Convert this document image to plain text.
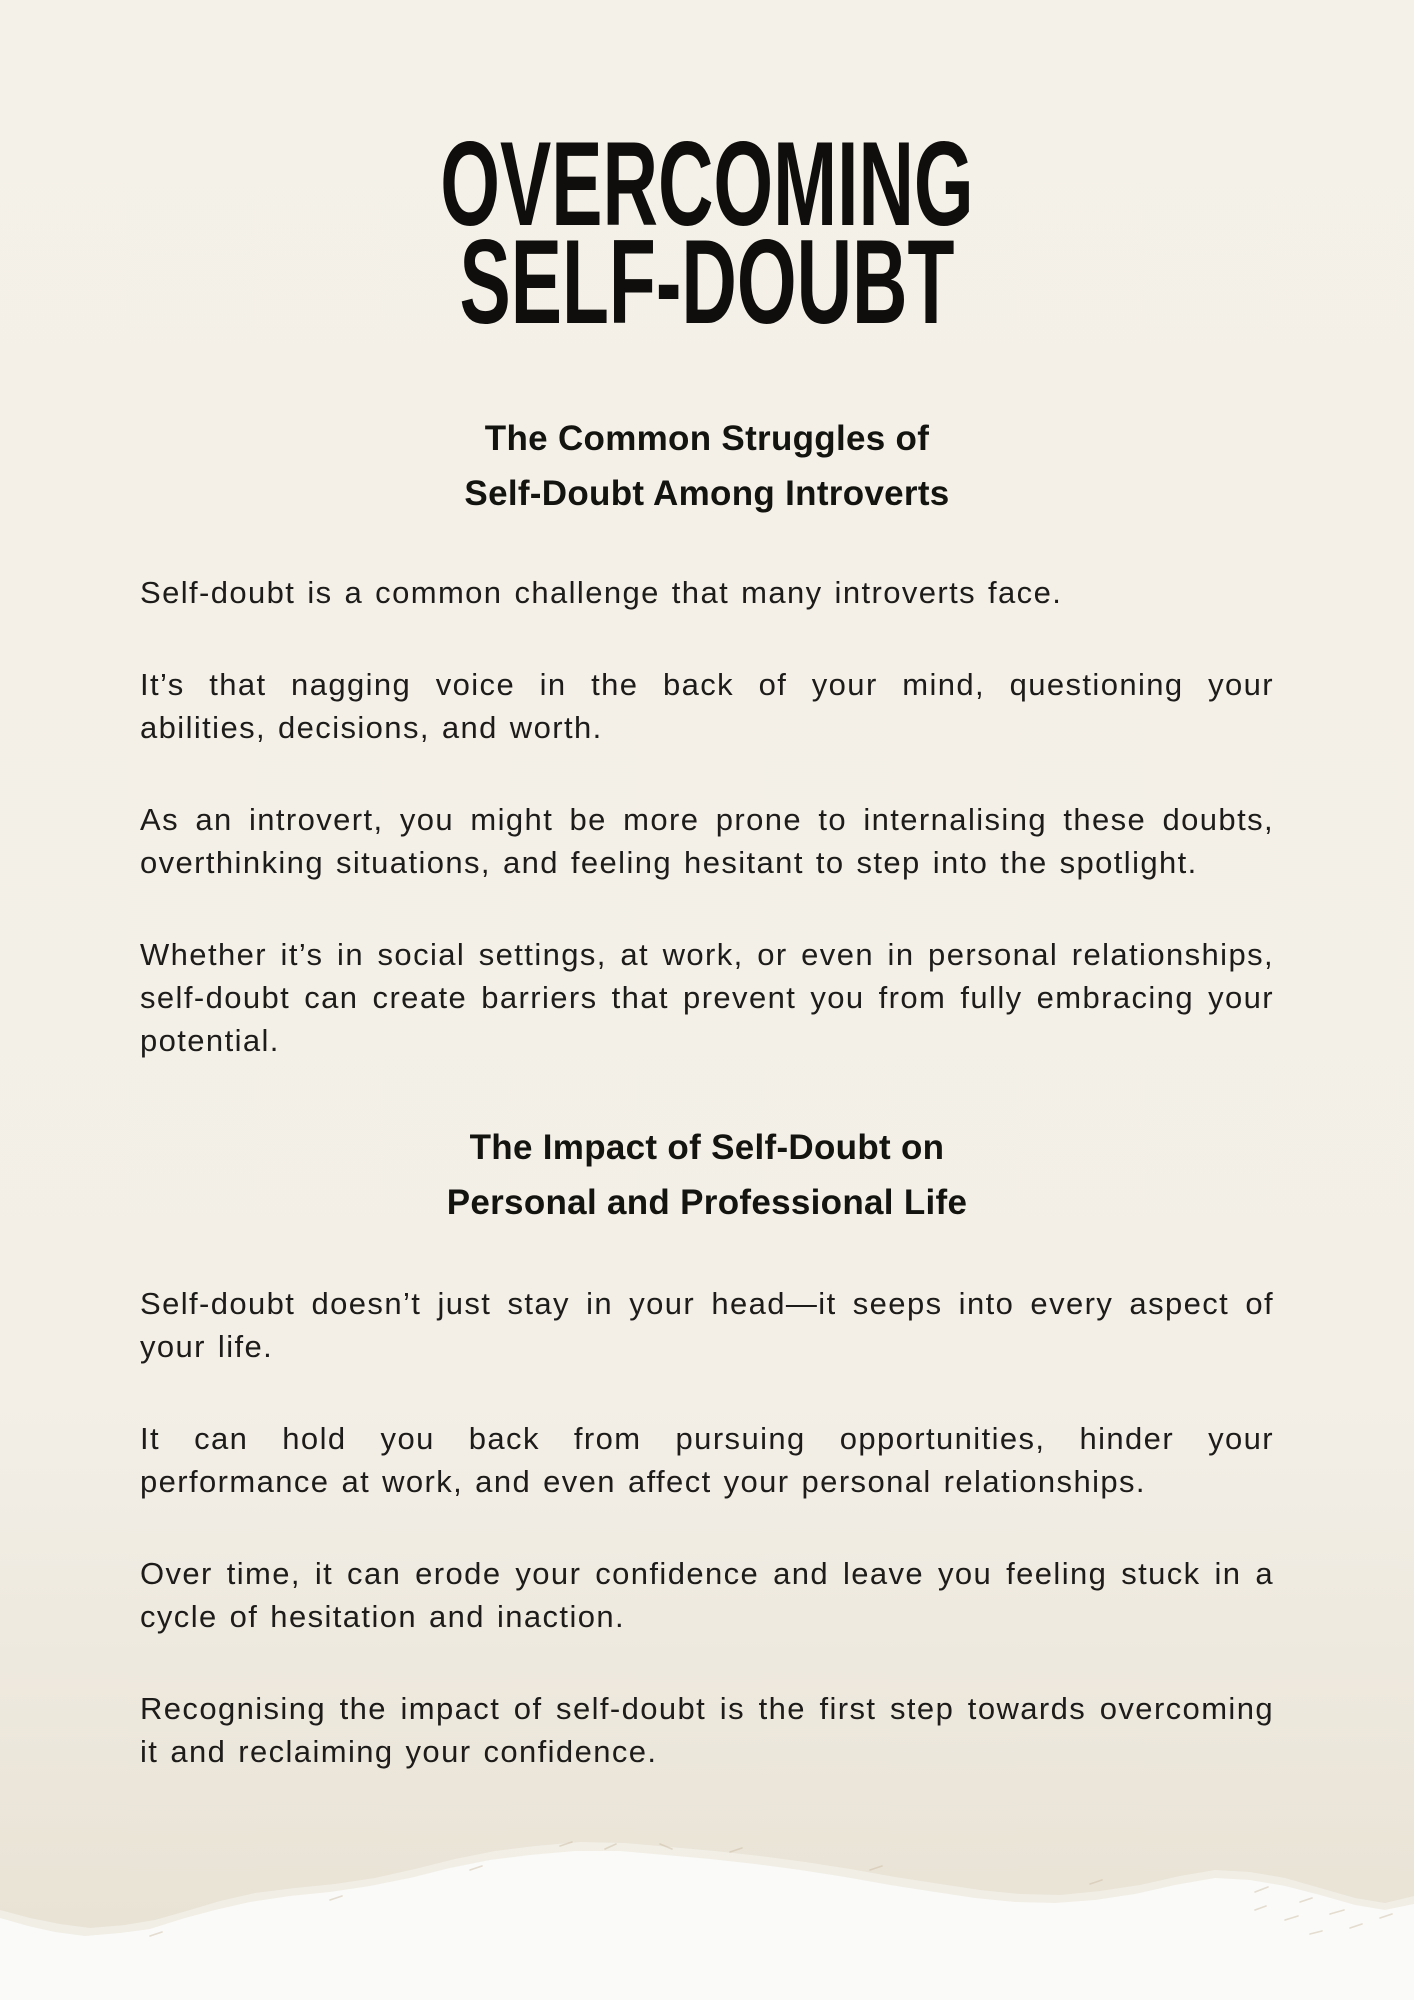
OVERCOMING
SELF-DOUBT
The Common Struggles of
Self-Doubt Among Introverts

Self-doubt is a common challenge that many introverts face.

It’s that nagging voice in the back of your mind, questioning your abilities, decisions, and worth.

As an introvert, you might be more prone to internalising these doubts, overthinking situations, and feeling hesitant to step into the spotlight.

Whether it’s in social settings, at work, or even in personal relationships, self-doubt can create barriers that prevent you from fully embracing your potential.

The Impact of Self-Doubt on
Personal and Professional Life

Self-doubt doesn’t just stay in your head—it seeps into every aspect of your life.

It can hold you back from pursuing opportunities, hinder your performance at work, and even affect your personal relationships.

Over time, it can erode your confidence and leave you feeling stuck in a cycle of hesitation and inaction.

Recognising the impact of self-doubt is the first step towards overcoming it and reclaiming your confidence.
